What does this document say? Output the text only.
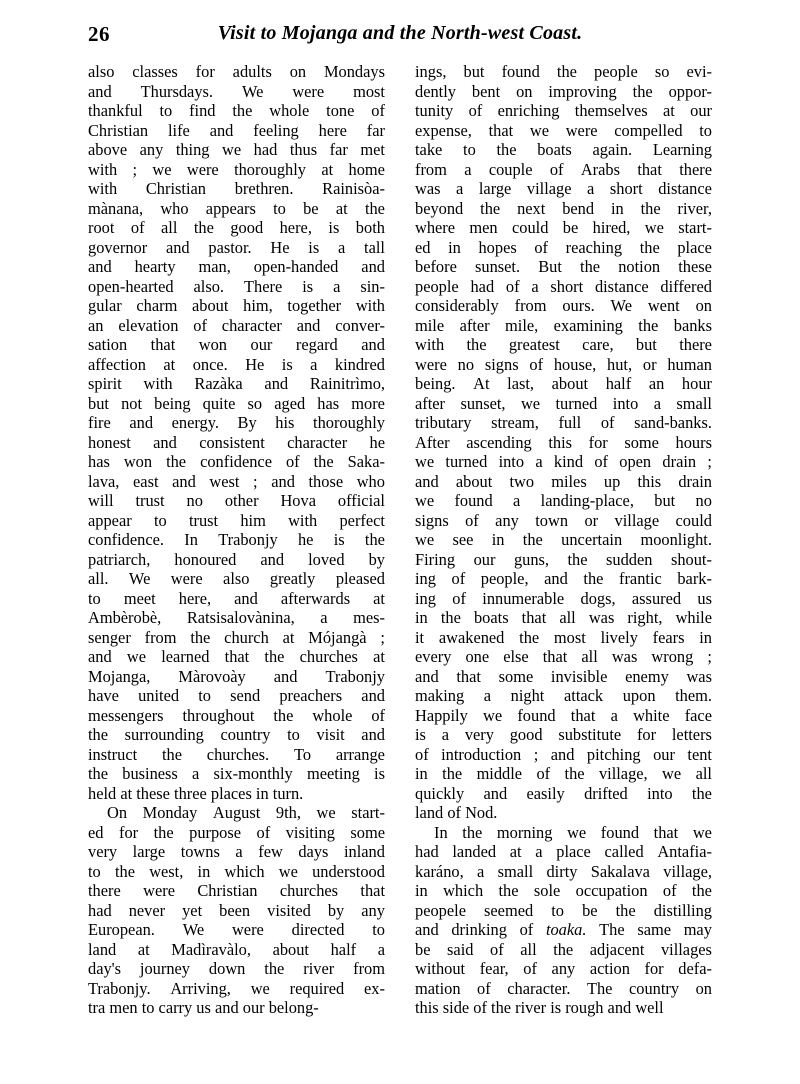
26	Visit to Mojanga and the North-west Coast.
also classes for adults on Mondays
and Thursdays. We were most
thankful to find the whole tone of
Christian life and feeling here far
above any thing we had thus far met
with ; we were thoroughly at home
with Christian brethren. Rainisòa-
mànana, who appears to be at the
root of all the good here, is both
governor and pastor. He is a tall
and hearty man, open-handed and
open-hearted also. There is a sin-
gular charm about him, together with
an elevation of character and conver-
sation that won our regard and
affection at once. He is a kindred
spirit with Razàka and Rainitrìmo,
but not being quite so aged has more
fire and energy. By his thoroughly
honest and consistent character he
has won the confidence of the Saka-
lava, east and west ; and those who
will trust no other Hova official
appear to trust him with perfect
confidence. In Trabonjy he is the
patriarch, honoured and loved by
all. We were also greatly pleased
to meet here, and afterwards at
Ambèrobè, Ratsisalovànina, a mes-
senger from the church at Mójangà ;
and we learned that the churches at
Mojanga, Màrovoày and Trabonjy
have united to send preachers and
messengers throughout the whole of
the surrounding country to visit and
instruct the churches. To arrange
the business a six-monthly meeting is
held at these three places in turn.
On Monday August 9th, we start-
ed for the purpose of visiting some
very large towns a few days inland
to the west, in which we understood
there were Christian churches that
had never yet been visited by any
European. We were directed to
land at Madìravàlo, about half a
day's journey down the river from
Trabonjy. Arriving, we required ex-
tra men to carry us and our belong-
ings, but found the people so evi-
dently bent on improving the oppor-
tunity of enriching themselves at our
expense, that we were compelled to
take to the boats again. Learning
from a couple of Arabs that there
was a large village a short distance
beyond the next bend in the river,
where men could be hired, we start-
ed in hopes of reaching the place
before sunset. But the notion these
people had of a short distance differed
considerably from ours. We went on
mile after mile, examining the banks
with the greatest care, but there
were no signs of house, hut, or human
being. At last, about half an hour
after sunset, we turned into a small
tributary stream, full of sand-banks.
After ascending this for some hours
we turned into a kind of open drain ;
and about two miles up this drain
we found a landing-place, but no
signs of any town or village could
we see in the uncertain moonlight.
Firing our guns, the sudden shout-
ing of people, and the frantic bark-
ing of innumerable dogs, assured us
in the boats that all was right, while
it awakened the most lively fears in
every one else that all was wrong ;
and that some invisible enemy was
making a night attack upon them.
Happily we found that a white face
is a very good substitute for letters
of introduction ; and pitching our tent
in the middle of the village, we all
quickly and easily drifted into the
land of Nod.
In the morning we found that we
had landed at a place called Antafia-
karáno, a small dirty Sakalava village,
in which the sole occupation of the
peopele seemed to be the distilling
and drinking of toaka. The same may
be said of all the adjacent villages
without fear, of any action for defa-
mation of character. The country on
this side of the river is rough and well
